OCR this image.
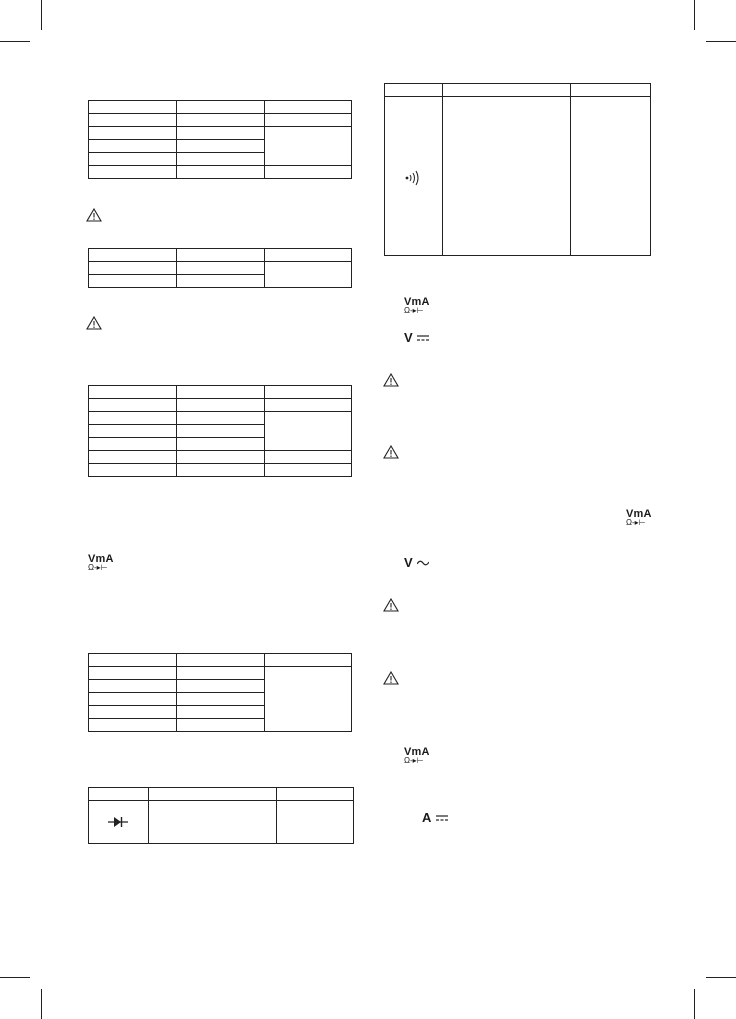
VmA
Ω-▸⊢

VmA
Ω-▸⊢
V
VmA
Ω-▸⊢
V
VmA
Ω-▸⊢
A
